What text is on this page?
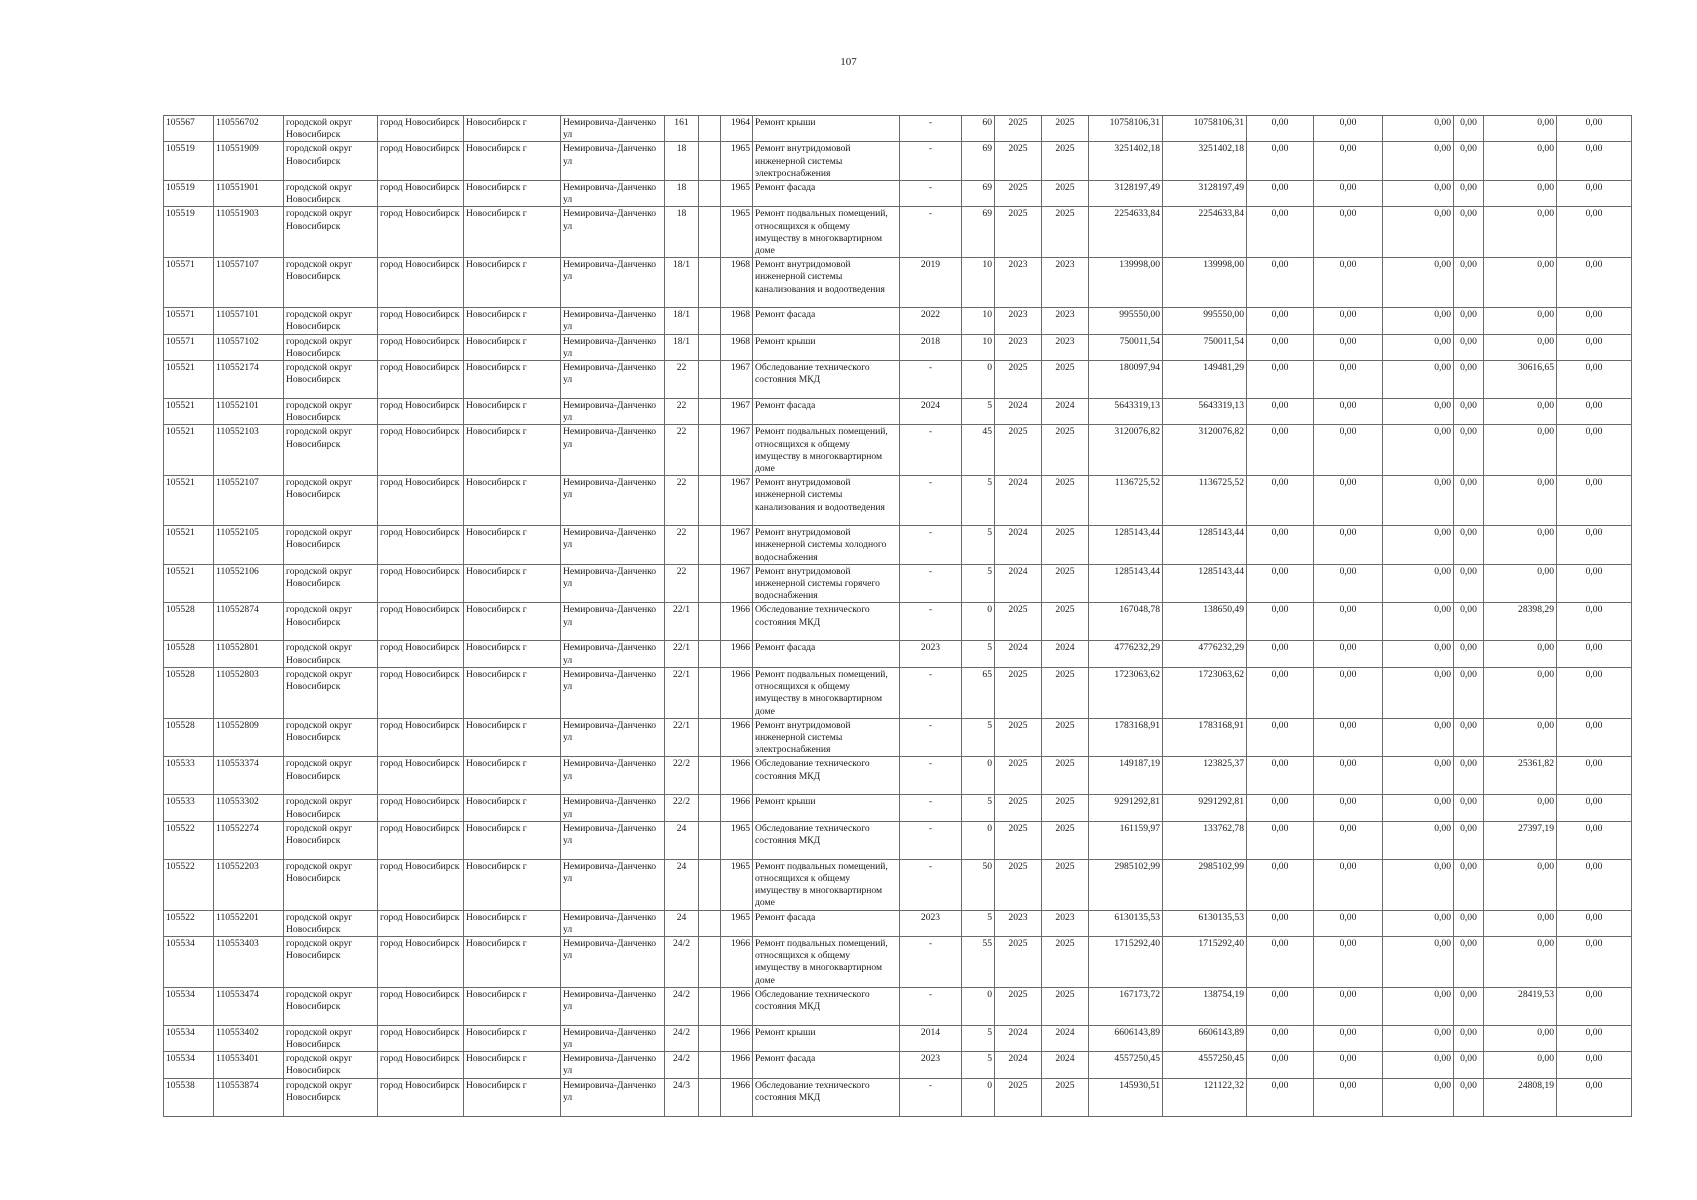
107
105567	110556702	городской округ Новосибирск	город Новосибирск	Новосибирск г	Немировича-Данченко ул	161		1964	Ремонт крыши	-	60	2025	2025	10758106,31	10758106,31	0,00	0,00	0,00	0,00	0,00	0,00
105519	110551909	городской округ Новосибирск	город Новосибирск	Новосибирск г	Немировича-Данченко ул	18		1965	Ремонт внутридомовой инженерной системы электроснабжения	-	69	2025	2025	3251402,18	3251402,18	0,00	0,00	0,00	0,00	0,00	0,00
105519	110551901	городской округ Новосибирск	город Новосибирск	Новосибирск г	Немировича-Данченко ул	18		1965	Ремонт фасада	-	69	2025	2025	3128197,49	3128197,49	0,00	0,00	0,00	0,00	0,00	0,00
105519	110551903	городской округ Новосибирск	город Новосибирск	Новосибирск г	Немировича-Данченко ул	18		1965	Ремонт подвальных помещений, относящихся к общему имуществу в многоквартирном доме	-	69	2025	2025	2254633,84	2254633,84	0,00	0,00	0,00	0,00	0,00	0,00
105571	110557107	городской округ Новосибирск	город Новосибирск	Новосибирск г	Немировича-Данченко ул	18/1		1968	Ремонт внутридомовой инженерной системы канализования и водоотведения	2019	10	2023	2023	139998,00	139998,00	0,00	0,00	0,00	0,00	0,00	0,00
105571	110557101	городской округ Новосибирск	город Новосибирск	Новосибирск г	Немировича-Данченко ул	18/1		1968	Ремонт фасада	2022	10	2023	2023	995550,00	995550,00	0,00	0,00	0,00	0,00	0,00	0,00
105571	110557102	городской округ Новосибирск	город Новосибирск	Новосибирск г	Немировича-Данченко ул	18/1		1968	Ремонт крыши	2018	10	2023	2023	750011,54	750011,54	0,00	0,00	0,00	0,00	0,00	0,00
105521	110552174	городской округ Новосибирск	город Новосибирск	Новосибирск г	Немировича-Данченко ул	22		1967	Обследование технического состояния МКД	-	0	2025	2025	180097,94	149481,29	0,00	0,00	0,00	0,00	30616,65	0,00
105521	110552101	городской округ Новосибирск	город Новосибирск	Новосибирск г	Немировича-Данченко ул	22		1967	Ремонт фасада	2024	5	2024	2024	5643319,13	5643319,13	0,00	0,00	0,00	0,00	0,00	0,00
105521	110552103	городской округ Новосибирск	город Новосибирск	Новосибирск г	Немировича-Данченко ул	22		1967	Ремонт подвальных помещений, относящихся к общему имуществу в многоквартирном доме	-	45	2025	2025	3120076,82	3120076,82	0,00	0,00	0,00	0,00	0,00	0,00
105521	110552107	городской округ Новосибирск	город Новосибирск	Новосибирск г	Немировича-Данченко ул	22		1967	Ремонт внутридомовой инженерной системы канализования и водоотведения	-	5	2024	2025	1136725,52	1136725,52	0,00	0,00	0,00	0,00	0,00	0,00
105521	110552105	городской округ Новосибирск	город Новосибирск	Новосибирск г	Немировича-Данченко ул	22		1967	Ремонт внутридомовой инженерной системы холодного водоснабжения	-	5	2024	2025	1285143,44	1285143,44	0,00	0,00	0,00	0,00	0,00	0,00
105521	110552106	городской округ Новосибирск	город Новосибирск	Новосибирск г	Немировича-Данченко ул	22		1967	Ремонт внутридомовой инженерной системы горячего водоснабжения	-	5	2024	2025	1285143,44	1285143,44	0,00	0,00	0,00	0,00	0,00	0,00
105528	110552874	городской округ Новосибирск	город Новосибирск	Новосибирск г	Немировича-Данченко ул	22/1		1966	Обследование технического состояния МКД	-	0	2025	2025	167048,78	138650,49	0,00	0,00	0,00	0,00	28398,29	0,00
105528	110552801	городской округ Новосибирск	город Новосибирск	Новосибирск г	Немировича-Данченко ул	22/1		1966	Ремонт фасада	2023	5	2024	2024	4776232,29	4776232,29	0,00	0,00	0,00	0,00	0,00	0,00
105528	110552803	городской округ Новосибирск	город Новосибирск	Новосибирск г	Немировича-Данченко ул	22/1		1966	Ремонт подвальных помещений, относящихся к общему имуществу в многоквартирном доме	-	65	2025	2025	1723063,62	1723063,62	0,00	0,00	0,00	0,00	0,00	0,00
105528	110552809	городской округ Новосибирск	город Новосибирск	Новосибирск г	Немировича-Данченко ул	22/1		1966	Ремонт внутридомовой инженерной системы электроснабжения	-	5	2025	2025	1783168,91	1783168,91	0,00	0,00	0,00	0,00	0,00	0,00
105533	110553374	городской округ Новосибирск	город Новосибирск	Новосибирск г	Немировича-Данченко ул	22/2		1966	Обследование технического состояния МКД	-	0	2025	2025	149187,19	123825,37	0,00	0,00	0,00	0,00	25361,82	0,00
105533	110553302	городской округ Новосибирск	город Новосибирск	Новосибирск г	Немировича-Данченко ул	22/2		1966	Ремонт крыши	-	5	2025	2025	9291292,81	9291292,81	0,00	0,00	0,00	0,00	0,00	0,00
105522	110552274	городской округ Новосибирск	город Новосибирск	Новосибирск г	Немировича-Данченко ул	24		1965	Обследование технического состояния МКД	-	0	2025	2025	161159,97	133762,78	0,00	0,00	0,00	0,00	27397,19	0,00
105522	110552203	городской округ Новосибирск	город Новосибирск	Новосибирск г	Немировича-Данченко ул	24		1965	Ремонт подвальных помещений, относящихся к общему имуществу в многоквартирном доме	-	50	2025	2025	2985102,99	2985102,99	0,00	0,00	0,00	0,00	0,00	0,00
105522	110552201	городской округ Новосибирск	город Новосибирск	Новосибирск г	Немировича-Данченко ул	24		1965	Ремонт фасада	2023	5	2023	2023	6130135,53	6130135,53	0,00	0,00	0,00	0,00	0,00	0,00
105534	110553403	городской округ Новосибирск	город Новосибирск	Новосибирск г	Немировича-Данченко ул	24/2		1966	Ремонт подвальных помещений, относящихся к общему имуществу в многоквартирном доме	-	55	2025	2025	1715292,40	1715292,40	0,00	0,00	0,00	0,00	0,00	0,00
105534	110553474	городской округ Новосибирск	город Новосибирск	Новосибирск г	Немировича-Данченко ул	24/2		1966	Обследование технического состояния МКД	-	0	2025	2025	167173,72	138754,19	0,00	0,00	0,00	0,00	28419,53	0,00
105534	110553402	городской округ Новосибирск	город Новосибирск	Новосибирск г	Немировича-Данченко ул	24/2		1966	Ремонт крыши	2014	5	2024	2024	6606143,89	6606143,89	0,00	0,00	0,00	0,00	0,00	0,00
105534	110553401	городской округ Новосибирск	город Новосибирск	Новосибирск г	Немировича-Данченко ул	24/2		1966	Ремонт фасада	2023	5	2024	2024	4557250,45	4557250,45	0,00	0,00	0,00	0,00	0,00	0,00
105538	110553874	городской округ Новосибирск	город Новосибирск	Новосибирск г	Немировича-Данченко ул	24/3		1966	Обследование технического состояния МКД	-	0	2025	2025	145930,51	121122,32	0,00	0,00	0,00	0,00	24808,19	0,00
